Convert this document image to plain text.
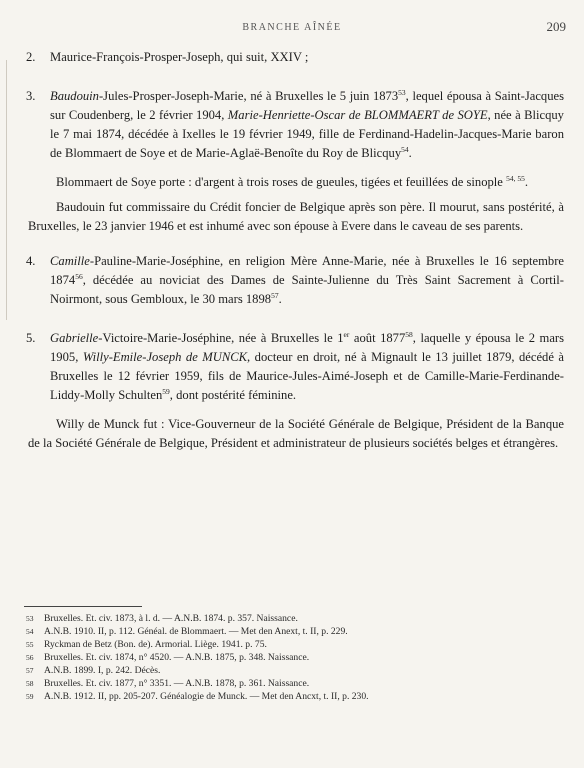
BRANCHE AÎNÉE	209
2. Maurice-François-Prosper-Joseph, qui suit, XXIV ;
3. Baudouin-Jules-Prosper-Joseph-Marie, né à Bruxelles le 5 juin 1873$^{53}$, lequel épousa à Saint-Jacques sur Coudenberg, le 2 février 1904, Marie-Henriette-Oscar de BLOMMAERT de SOYE, née à Blicquy le 7 mai 1874, décédée à Ixelles le 19 février 1949, fille de Ferdinand-Hadelin-Jacques-Marie baron de Blommaert de Soye et de Marie-Aglaë-Benoîte du Roy de Blicquy$^{54}$.

Blommaert de Soye porte : d'argent à trois roses de gueules, tigées et feuillées de sinople $^{54, 55}$.

Baudouin fut commissaire du Crédit foncier de Belgique après son père. Il mourut, sans postérité, à Bruxelles, le 23 janvier 1946 et est inhumé avec son épouse à Evere dans le caveau de ses parents.

4. Camille-Pauline-Marie-Joséphine, en religion Mère Anne-Marie, née à Bruxelles le 16 septembre 1874$^{56}$, décédée au noviciat des Dames de Sainte-Julienne du Très Saint Sacrement à Cortil-Noirmont, sous Gembloux, le 30 mars 1898$^{57}$.
5. Gabrielle-Victoire-Marie-Joséphine, née à Bruxelles le 1er août 1877$^{58}$, laquelle y épousa le 2 mars 1905, Willy-Emile-Joseph de MUNCK, docteur en droit, né à Mignault le 13 juillet 1879, décédé à Bruxelles le 12 février 1959, fils de Maurice-Jules-Aimé-Joseph et de Camille-Marie-Ferdinande-Liddy-Molly Schulten$^{59}$, dont postérité féminine.

Willy de Munck fut : Vice-Gouverneur de la Société Générale de Belgique, Président de la Banque de la Société Générale de Belgique, Président et administrateur de plusieurs sociétés belges et étrangères.

53	Bruxelles. Et. civ. 1873, à l. d. — A.N.B. 1874. p. 357. Naissance.
54	A.N.B. 1910. II, p. 112. Généal. de Blommaert. — Met den Anext, t. II, p. 229.
55	Ryckman de Betz (Bon. de). Armorial. Liège. 1941. p. 75.
56	Bruxelles. Et. civ. 1874, n° 4520. — A.N.B. 1875, p. 348. Naissance.
57	A.N.B. 1899. I, p. 242. Décès.
58	Bruxelles. Et. civ. 1877, n° 3351. — A.N.B. 1878, p. 361. Naissance.
59	A.N.B. 1912. II, pp. 205-207. Généalogie de Munck. — Met den Ancxt, t. II, p. 230.
